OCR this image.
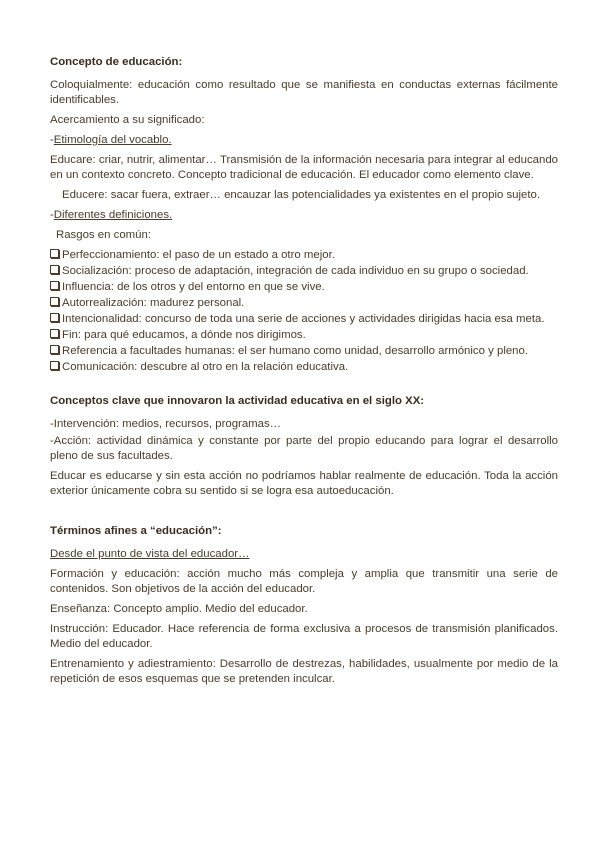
Concepto de educación:

Coloquialmente: educación como resultado que se manifiesta en conductas externas fácilmente identificables.

Acercamiento a su significado:

-Etimología del vocablo.

Educare: criar, nutrir, alimentar… Transmisión de la información necesaria para integrar al educando en un contexto concreto. Concepto tradicional de educación. El educador como elemento clave.

Educere: sacar fuera, extraer… encauzar las potencialidades ya existentes en el propio sujeto.

-Diferentes definiciones.

Rasgos en común:

Perfeccionamiento: el paso de un estado a otro mejor.
Socialización: proceso de adaptación, integración de cada individuo en su grupo o sociedad.
Influencia: de los otros y del entorno en que se vive.
Autorrealización: madurez personal.
Intencionalidad: concurso de toda una serie de acciones y actividades dirigidas hacia esa meta.
Fin: para qué educamos, a dónde nos dirigimos.
Referencia a facultades humanas: el ser humano como unidad, desarrollo armónico y pleno.
Comunicación: descubre al otro en la relación educativa.
Conceptos clave que innovaron la actividad educativa en el siglo XX:

-Intervención: medios, recursos, programas…

-Acción: actividad dinámica y constante por parte del propio educando para lograr el desarrollo pleno de sus facultades.

Educar es educarse y sin esta acción no podríamos hablar realmente de educación. Toda la acción exterior únicamente cobra su sentido si se logra esa autoeducación.

Términos afines a “educación”:

Desde el punto de vista del educador…

Formación y educación: acción mucho más compleja y amplia que transmitir una serie de contenidos. Son objetivos de la acción del educador.

Enseñanza: Concepto amplio. Medio del educador.

Instrucción: Educador. Hace referencia de forma exclusiva a procesos de transmisión planificados. Medio del educador.

Entrenamiento y adiestramiento: Desarrollo de destrezas, habilidades, usualmente por medio de la repetición de esos esquemas que se pretenden inculcar.
